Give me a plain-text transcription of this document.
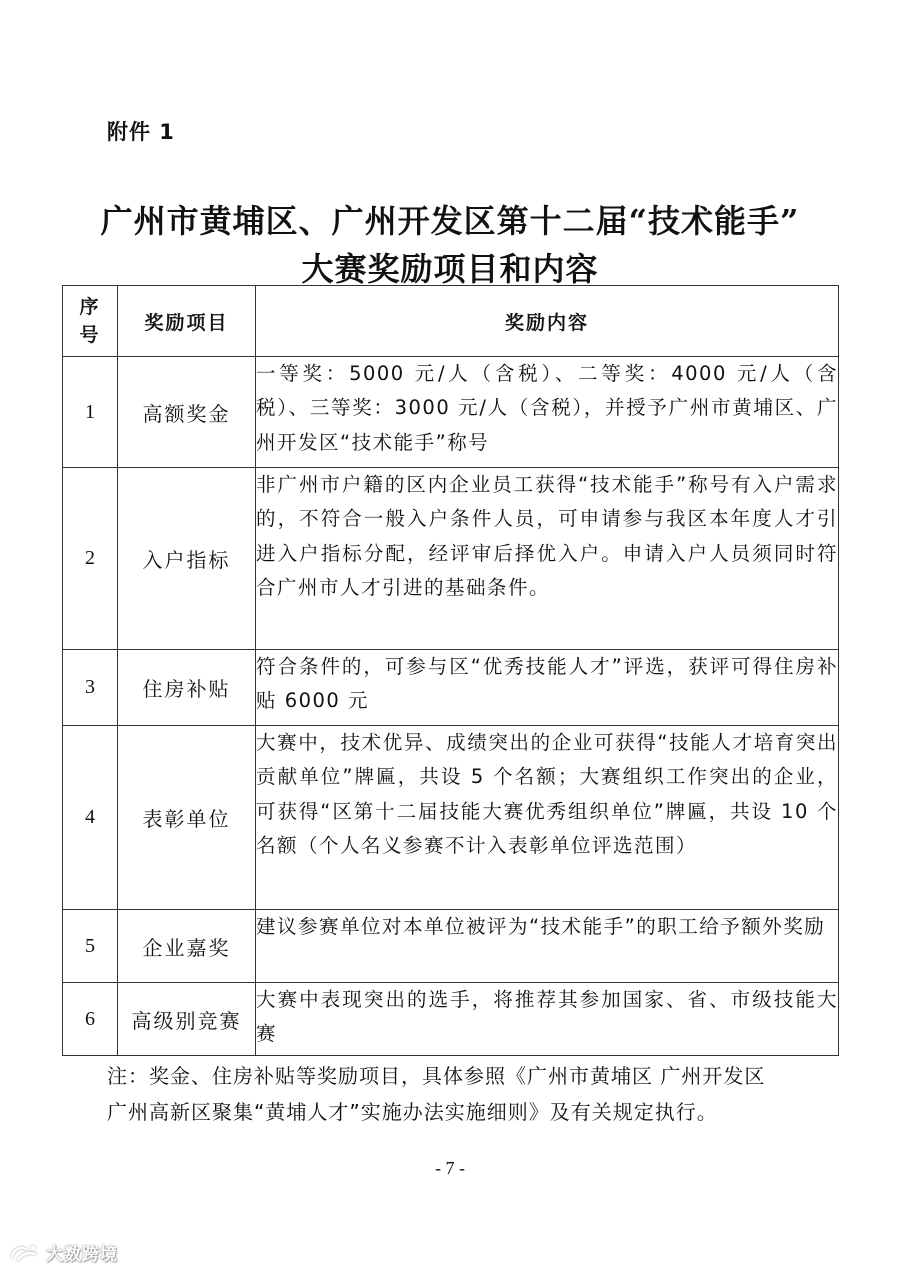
附件 1
广州市黄埔区、广州开发区第十二届“技术能手”
大赛奖励项目和内容
序号	奖励项目	奖励内容
1	高额奖金	一等奖：5000 元/人（含税）、二等奖：4000 元/人（含税）、三等奖：3000 元/人（含税），并授予广州市黄埔区、广州开发区“技术能手”称号
2	入户指标	非广州市户籍的区内企业员工获得“技术能手”称号有入户需求的，不符合一般入户条件人员，可申请参与我区本年度人才引进入户指标分配，经评审后择优入户。申请入户人员须同时符合广州市人才引进的基础条件。
3	住房补贴	符合条件的，可参与区“优秀技能人才”评选，获评可得住房补贴 6000 元
4	表彰单位	大赛中，技术优异、成绩突出的企业可获得“技能人才培育突出贡献单位”牌匾，共设 5 个名额；大赛组织工作突出的企业，可获得“区第十二届技能大赛优秀组织单位”牌匾，共设 10 个名额（个人名义参赛不计入表彰单位评选范围）
5	企业嘉奖	建议参赛单位对本单位被评为“技术能手”的职工给予额外奖励
6	高级别竞赛	大赛中表现突出的选手，将推荐其参加国家、省、市级技能大赛
注：奖金、住房补贴等奖励项目，具体参照《广州市黄埔区 广州开发区
广州高新区聚集“黄埔人才”实施办法实施细则》及有关规定执行。
- 7 -
大数跨境
